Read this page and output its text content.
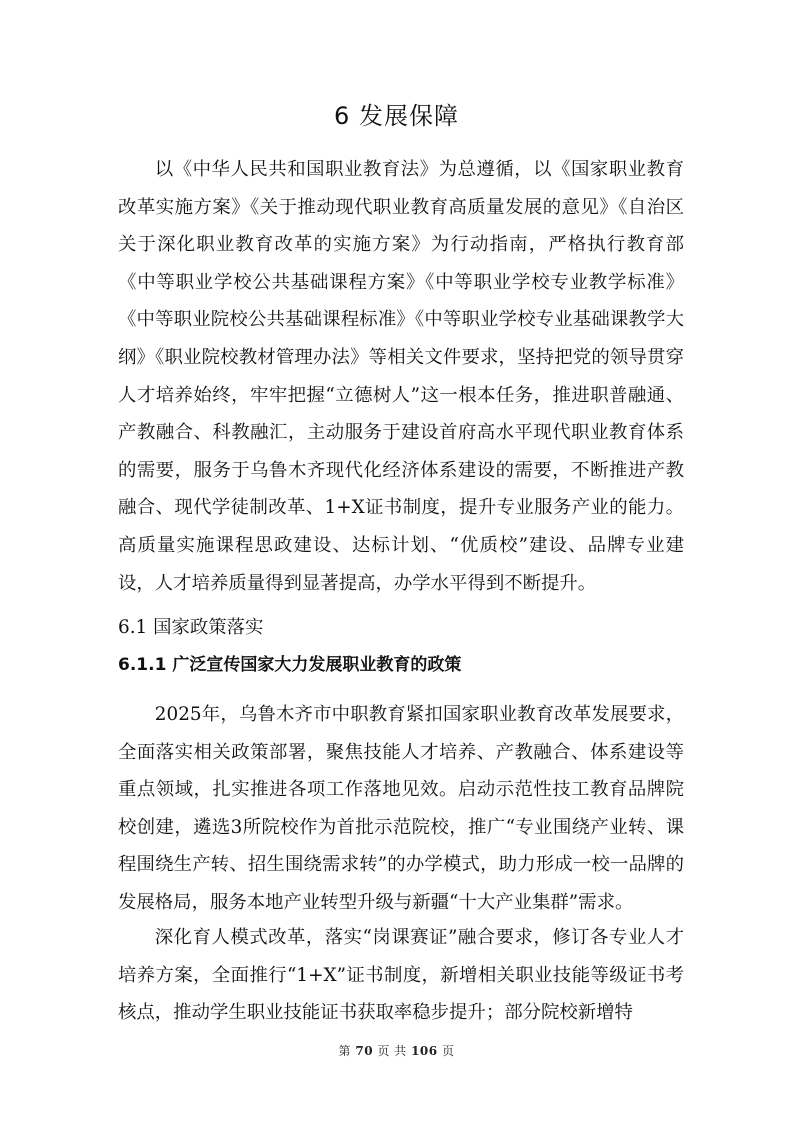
6 发展保障

以《中华人民共和国职业教育法》为总遵循，以《国家职业教育改革实施方案》《关于推动现代职业教育高质量发展的意见》《自治区关于深化职业教育改革的实施方案》为行动指南，严格执行教育部《中等职业学校公共基础课程方案》《中等职业学校专业教学标准》《中等职业院校公共基础课程标准》《中等职业学校专业基础课教学大纲》《职业院校教材管理办法》等相关文件要求，坚持把党的领导贯穿人才培养始终，牢牢把握“立德树人”这一根本任务，推进职普融通、产教融合、科教融汇，主动服务于建设首府高水平现代职业教育体系的需要，服务于乌鲁木齐现代化经济体系建设的需要，不断推进产教融合、现代学徒制改革、1+X证书制度，提升专业服务产业的能力。高质量实施课程思政建设、达标计划、“优质校”建设、品牌专业建设，人才培养质量得到显著提高，办学水平得到不断提升。

6.1 国家政策落实
6.1.1 广泛宣传国家大力发展职业教育的政策

2025年，乌鲁木齐市中职教育紧扣国家职业教育改革发展要求，全面落实相关政策部署，聚焦技能人才培养、产教融合、体系建设等重点领域，扎实推进各项工作落地见效。启动示范性技工教育品牌院校创建，遴选3所院校作为首批示范院校，推广“专业围绕产业转、课程围绕生产转、招生围绕需求转”的办学模式，助力形成一校一品牌的发展格局，服务本地产业转型升级与新疆“十大产业集群”需求。

深化育人模式改革，落实“岗课赛证”融合要求，修订各专业人才培养方案，全面推行“1+X”证书制度，新增相关职业技能等级证书考核点，推动学生职业技能证书获取率稳步提升；部分院校新增特

第 70 页 共 106 页
